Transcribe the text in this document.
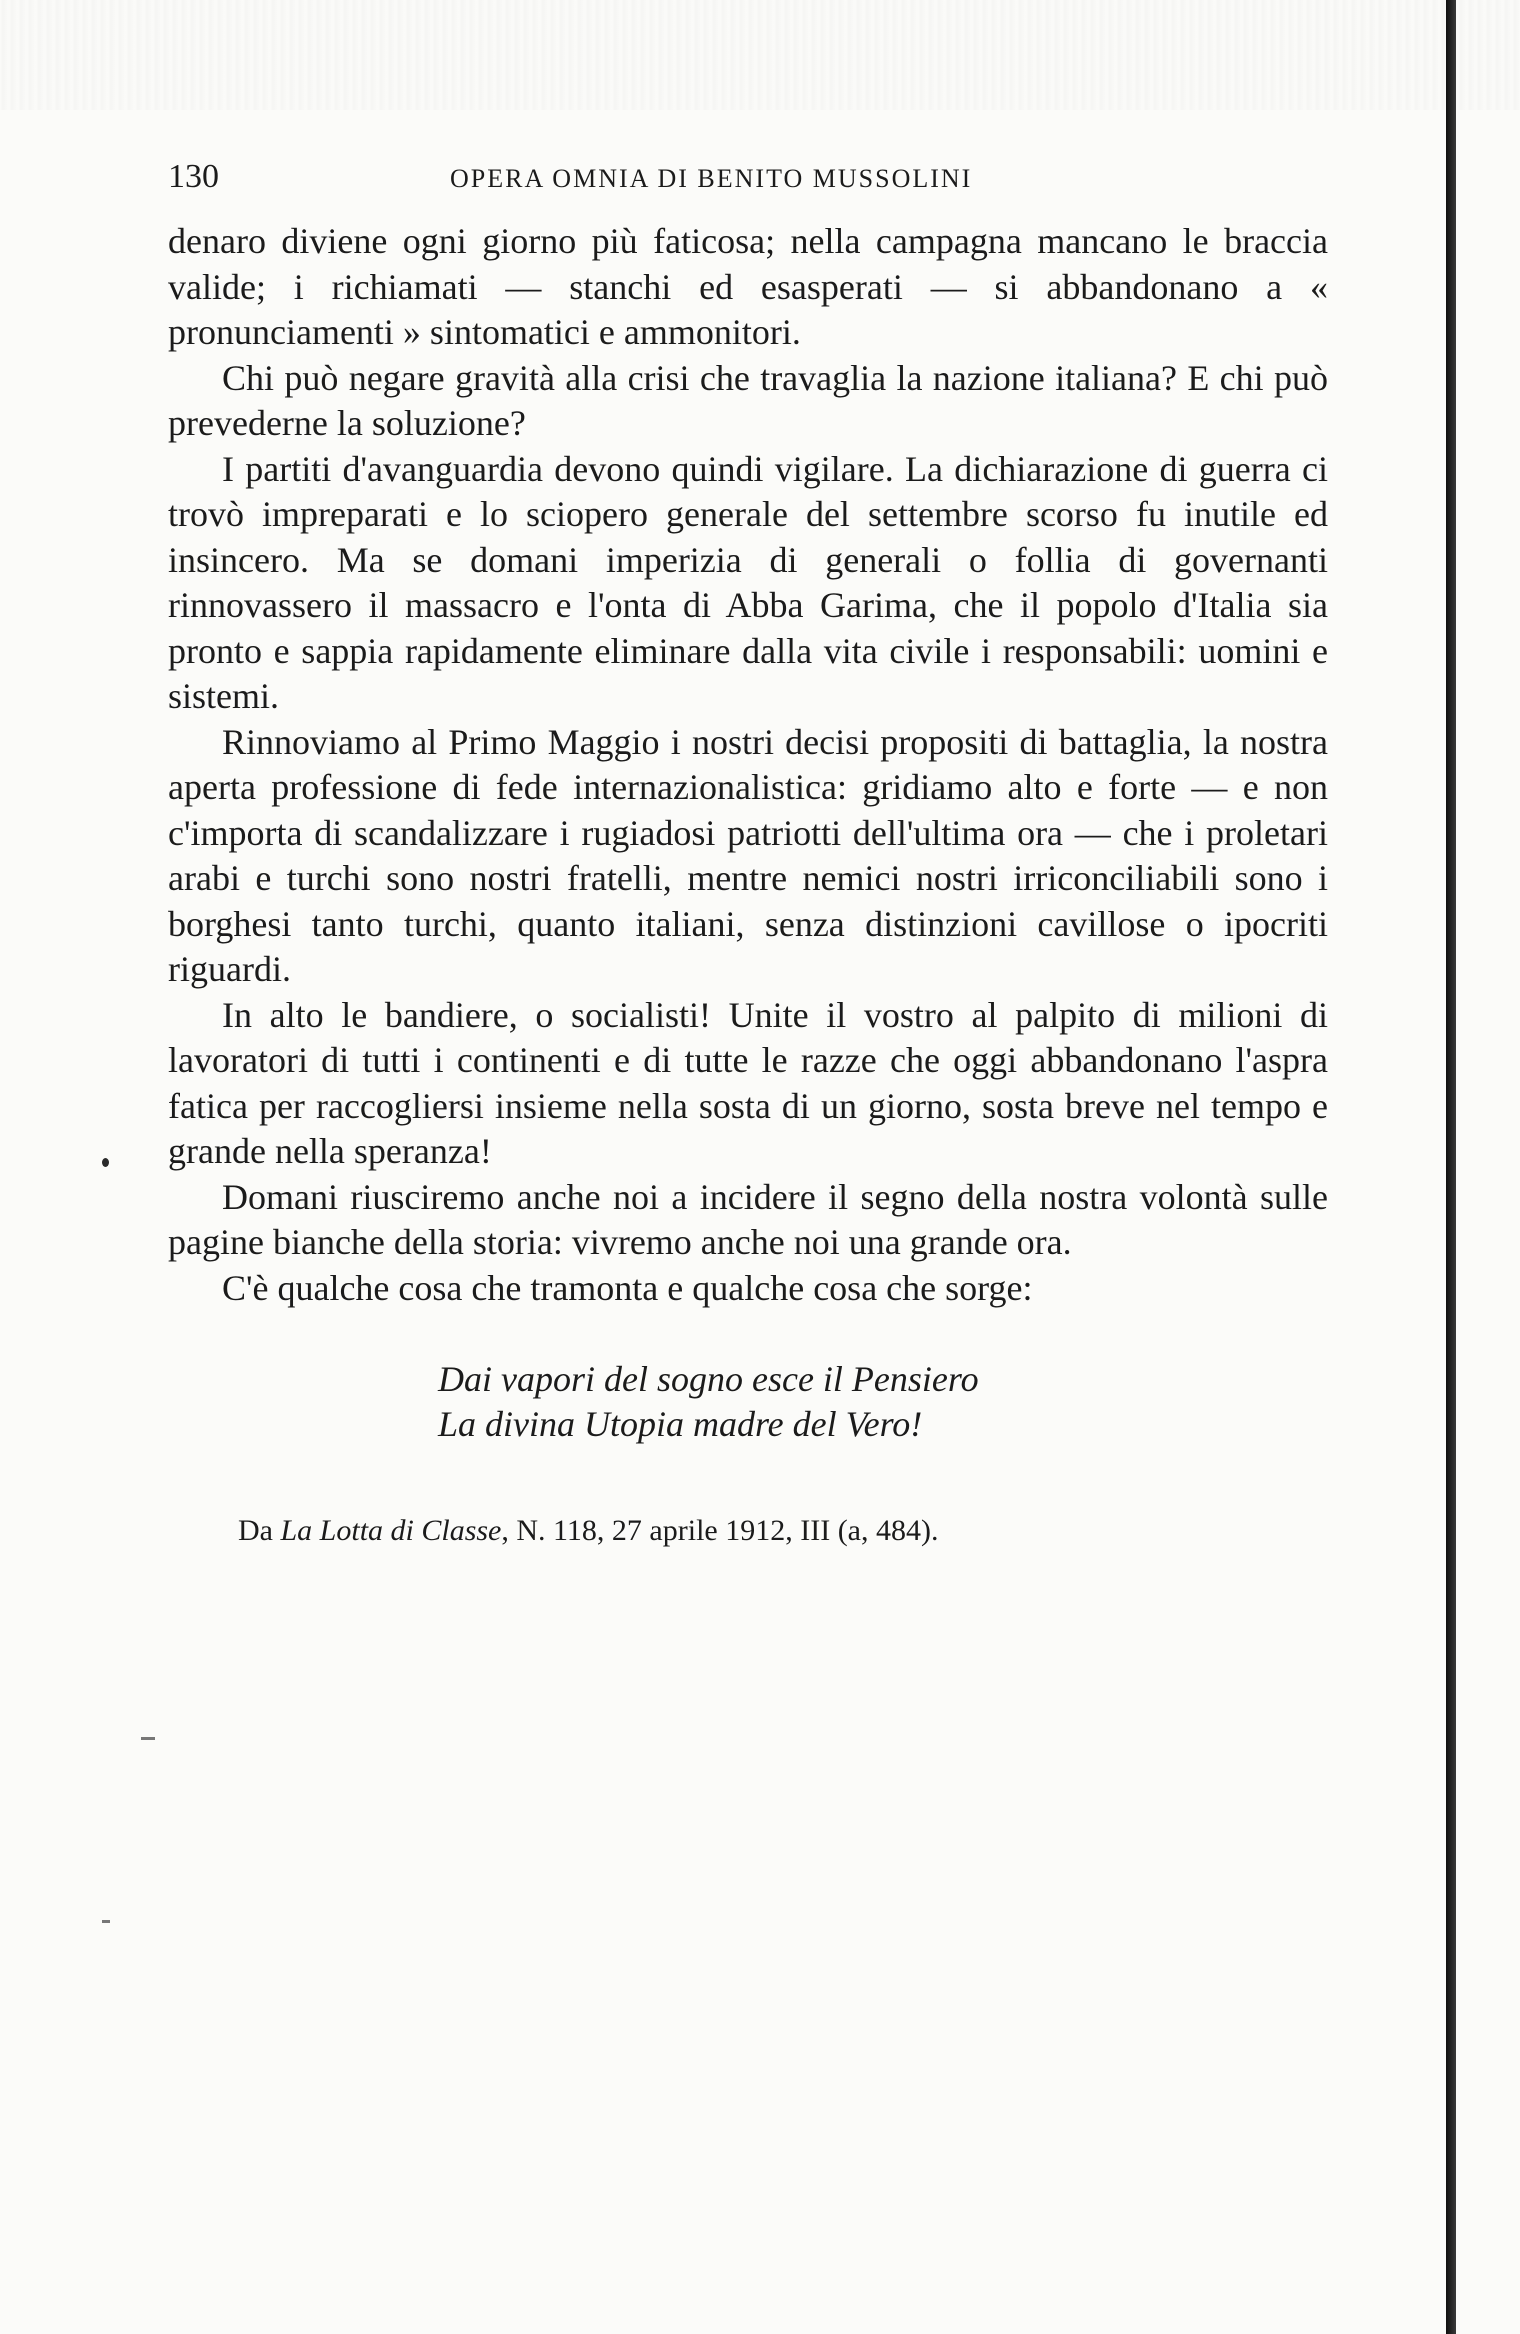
130	OPERA OMNIA DI BENITO MUSSOLINI

denaro diviene ogni giorno più faticosa; nella campagna mancano le braccia valide; i richiamati — stanchi ed esasperati — si abbandonano a « pronunciamenti » sintomatici e ammonitori.

Chi può negare gravità alla crisi che travaglia la nazione italiana? E chi può prevederne la soluzione?

I partiti d'avanguardia devono quindi vigilare. La dichiarazione di guerra ci trovò impreparati e lo sciopero generale del settembre scorso fu inutile ed insincero. Ma se domani imperizia di generali o follia di governanti rinnovassero il massacro e l'onta di Abba Garima, che il popolo d'Italia sia pronto e sappia rapidamente eliminare dalla vita civile i responsabili: uomini e sistemi.

Rinnoviamo al Primo Maggio i nostri decisi propositi di battaglia, la nostra aperta professione di fede internazionalistica: gridiamo alto e forte — e non c'importa di scandalizzare i rugiadosi patriotti dell'ultima ora — che i proletari arabi e turchi sono nostri fratelli, mentre nemici nostri irriconciliabili sono i borghesi tanto turchi, quanto italiani, senza distinzioni cavillose o ipocriti riguardi.

In alto le bandiere, o socialisti! Unite il vostro al palpito di milioni di lavoratori di tutti i continenti e di tutte le razze che oggi abbandonano l'aspra fatica per raccogliersi insieme nella sosta di un giorno, sosta breve nel tempo e grande nella speranza!

Domani riusciremo anche noi a incidere il segno della nostra volontà sulle pagine bianche della storia: vivremo anche noi una grande ora.

C'è qualche cosa che tramonta e qualche cosa che sorge:

Dai vapori del sogno esce il Pensiero
La divina Utopia madre del Vero!
Da La Lotta di Classe, N. 118, 27 aprile 1912, III (a, 484).
